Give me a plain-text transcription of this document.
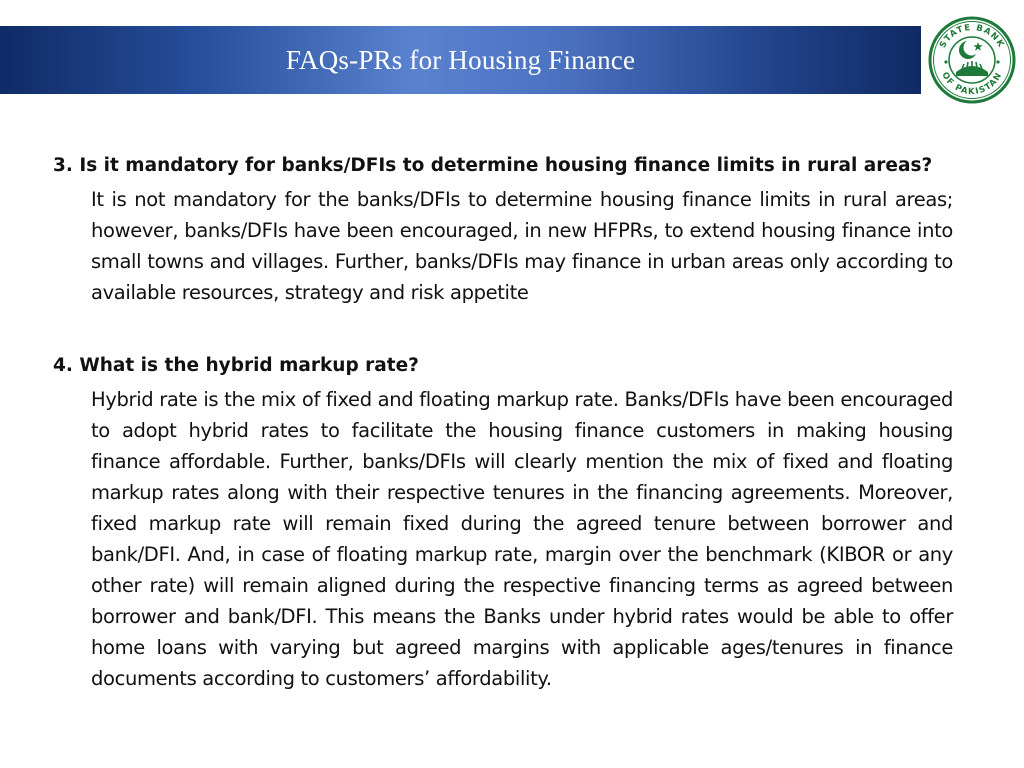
FAQs-PRs for Housing Finance
STATE BANK
OF PAKISTAN

3. Is it mandatory for banks/DFIs to determine housing finance limits in rural areas?

It is not mandatory for the banks/DFIs to determine housing finance limits in rural areas; however, banks/DFIs have been encouraged, in new HFPRs, to extend housing finance into small towns and villages. Further, banks/DFIs may finance in urban areas only according to available resources, strategy and risk appetite

4. What is the hybrid markup rate?

Hybrid rate is the mix of fixed and floating markup rate. Banks/DFIs have been encouraged to adopt hybrid rates to facilitate the housing finance customers in making housing finance affordable. Further, banks/DFIs will clearly mention the mix of fixed and floating markup rates along with their respective tenures in the financing agreements. Moreover, fixed markup rate will remain fixed during the agreed tenure between borrower and bank/DFI. And, in case of floating markup rate, margin over the benchmark (KIBOR or any other rate) will remain aligned during the respective financing terms as agreed between borrower and bank/DFI. This means the Banks under hybrid rates would be able to offer home loans with varying but agreed margins with applicable ages/tenures in finance documents according to customers’ affordability.
